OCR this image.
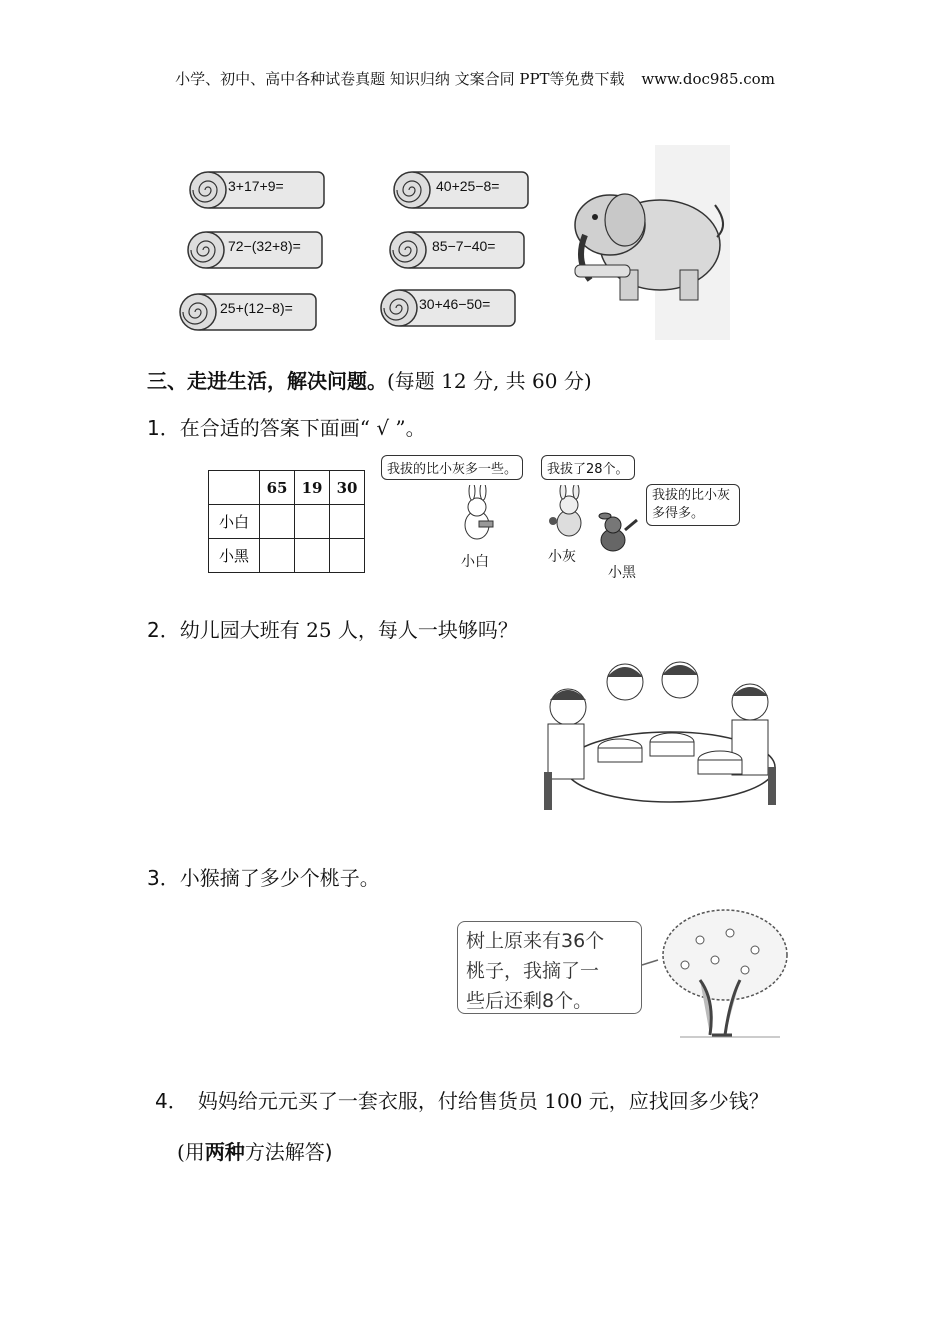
小学、初中、高中各种试卷真题 知识归纳 文案合同 PPT等免费下载 www.doc985.com
3+17+9=	40+25−8=
72−(32+8)=	85−7−40=
25+(12−8)=	30+46−50=
三、走进生活，解决问题。(每题 12 分, 共 60 分)
1．在合适的答案下面画“ √ ”。
	65	19	30
小白			
小黑			
我拔的比小灰多一些。	我拔了28个。
我拔的比小灰多得多。
小白	小灰
小黑
2．幼儿园大班有 25 人，每人一块够吗？
3．小猴摘了多少个桃子。
树上原来有36个
桃子，我摘了一
些后还剩8个。
4． 妈妈给元元买了一套衣服，付给售货员 100 元，应找回多少钱？
(用两种方法解答)
